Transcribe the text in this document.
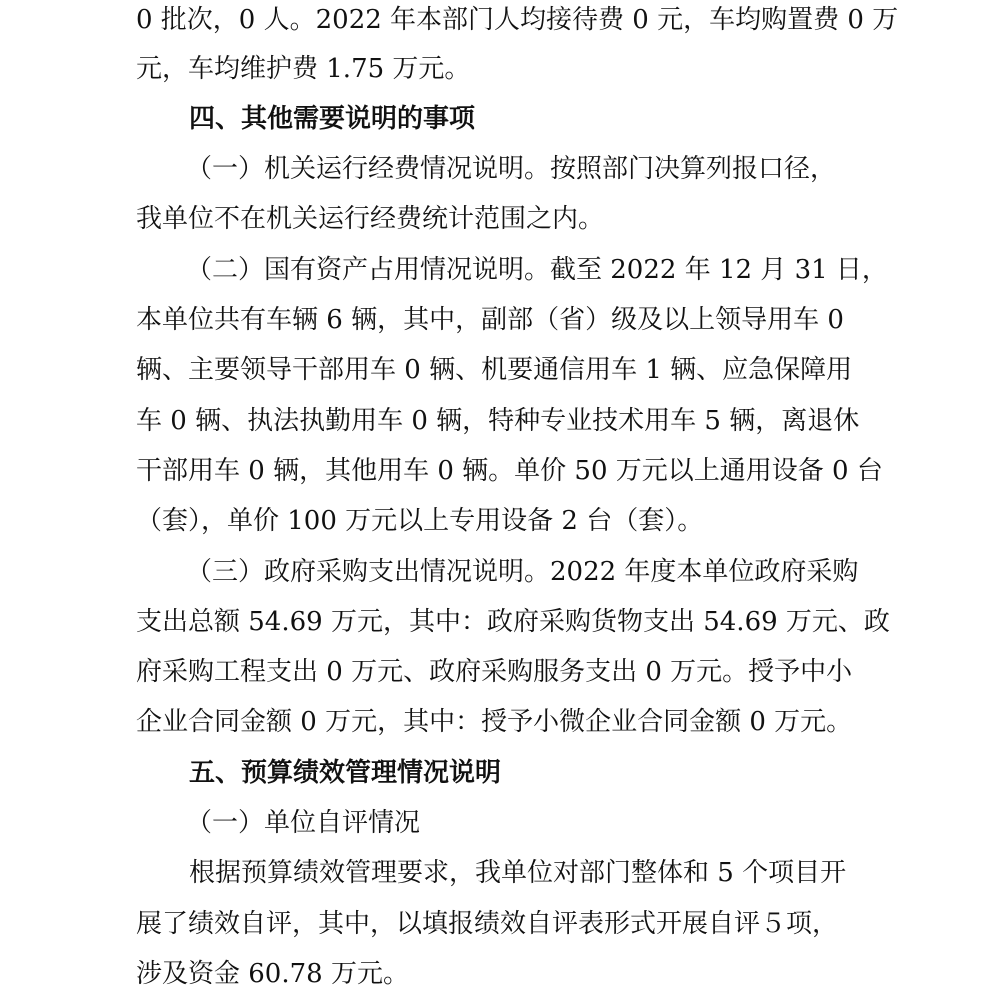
0 批次，0 人。2022 年本部门人均接待费 0 元，车均购置费 0 万
元，车均维护费 1.75 万元。
四、其他需要说明的事项
（一）机关运行经费情况说明。按照部门决算列报口径，
我单位不在机关运行经费统计范围之内。
（二）国有资产占用情况说明。截至 2022 年 12 月 31 日，
本单位共有车辆 6 辆，其中，副部（省）级及以上领导用车 0
辆、主要领导干部用车 0 辆、机要通信用车 1 辆、应急保障用
车 0 辆、执法执勤用车 0 辆，特种专业技术用车 5 辆，离退休
干部用车 0 辆，其他用车 0 辆。单价 50 万元以上通用设备 0 台
（套），单价 100 万元以上专用设备 2 台（套）。
（三）政府采购支出情况说明。2022 年度本单位政府采购
支出总额 54.69 万元，其中：政府采购货物支出 54.69 万元、政
府采购工程支出 0 万元、政府采购服务支出 0 万元。授予中小
企业合同金额 0 万元，其中：授予小微企业合同金额 0 万元。
五、预算绩效管理情况说明
（一）单位自评情况
根据预算绩效管理要求，我单位对部门整体和 5 个项目开
展了绩效自评，其中，以填报绩效自评表形式开展自评５项，
涉及资金 60.78 万元。
